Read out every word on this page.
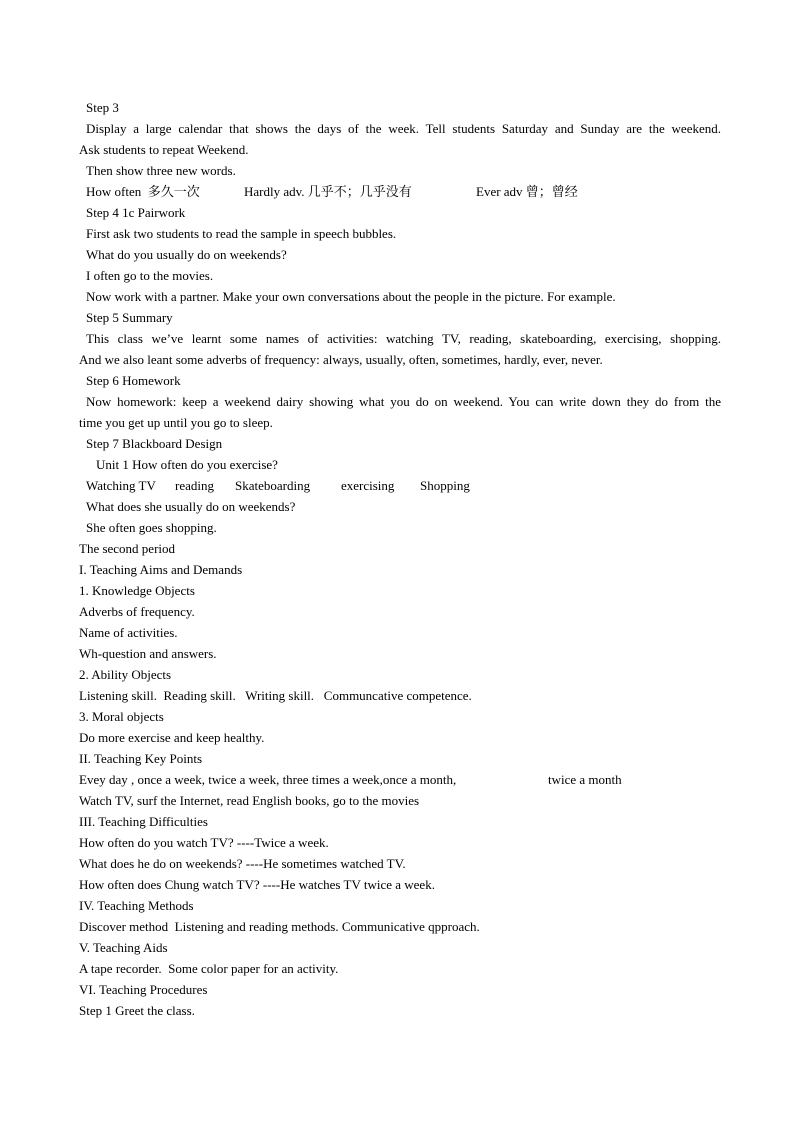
Step 3
Display a large calendar that shows the days of the week. Tell students Saturday and Sunday are the weekend.
Ask students to repeat Weekend.
Then show three new words.

How often  多久一次

	Hardly adv. 几乎不；几乎没有

	Ever adv 曾；曾经

Step 4 1c Pairwork
First ask two students to read the sample in speech bubbles.
What do you usually do on weekends?
I often go to the movies.
Now work with a partner. Make your own conversations about the people in the picture. For example.
Step 5 Summary
This class we’ve learnt some names of activities: watching TV, reading, skateboarding, exercising, shopping.
And we also leant some adverbs of frequency: always, usually, often, sometimes, hardly, ever, never.
Step 6 Homework
Now homework: keep a weekend dairy showing what you do on weekend. You can write down they do from the
time you get up until you go to sleep.
Step 7 Blackboard Design
Unit 1 How often do you exercise?

Watching TV

reading

Skateboarding

exercising

Shopping

What does she usually do on weekends?
She often goes shopping.
The second period
I. Teaching Aims and Demands
1. Knowledge Objects
Adverbs of frequency.
Name of activities.
Wh-question and answers.
2. Ability Objects
Listening skill.  Reading skill.   Writing skill.   Communcative competence.
3. Moral objects
Do more exercise and keep healthy.
II. Teaching Key Points

Evey day , once a week, twice a week, three times a week,once a month,

	twice a month

Watch TV, surf the Internet, read English books, go to the movies
III. Teaching Difficulties
How often do you watch TV? ----Twice a week.
What does he do on weekends? ----He sometimes watched TV.
How often does Chung watch TV? ----He watches TV twice a week.
IV. Teaching Methods
Discover method  Listening and reading methods. Communicative qpproach.
V. Teaching Aids
A tape recorder.  Some color paper for an activity.
VI. Teaching Procedures
Step 1 Greet the class.
